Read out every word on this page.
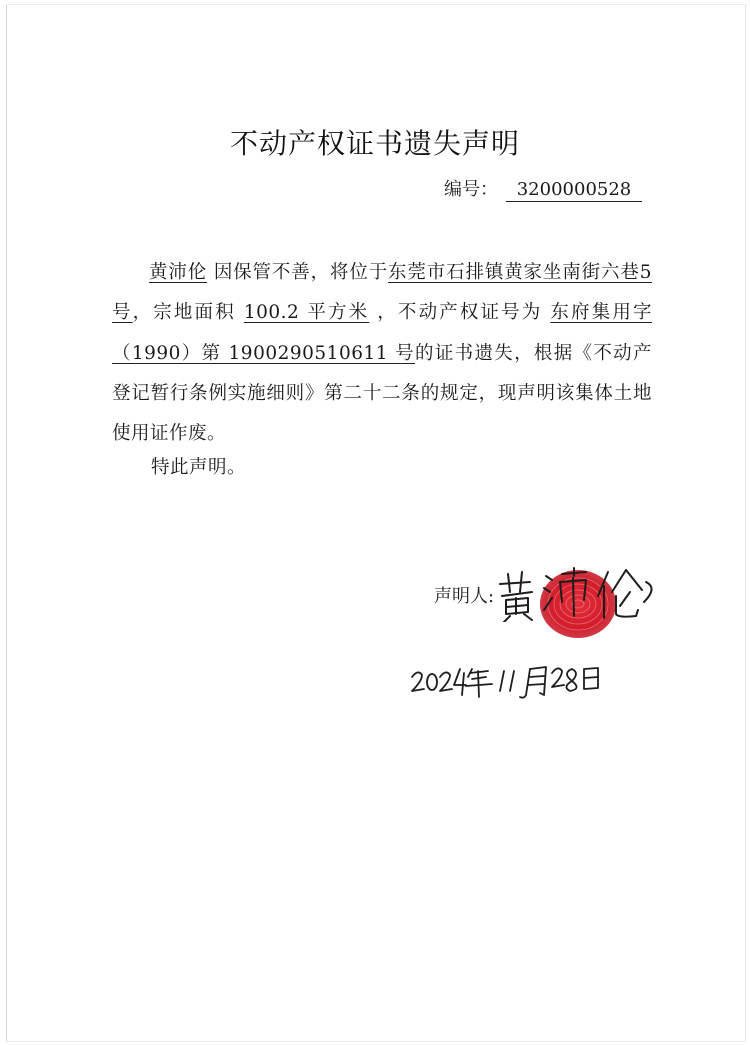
不动产权证书遗失声明
编号： 3200000528

黄沛伦 因保管不善，将位于东莞市石排镇黄家坐南街六巷5号，宗地面积 100.2 平方米 ，不动产权证号为 东府集用字（1990）第 1900290510611 号的证书遗失，根据《不动产登记暂行条例实施细则》第二十二条的规定，现声明该集体土地使用证作废。

特此声明。
声明人:
